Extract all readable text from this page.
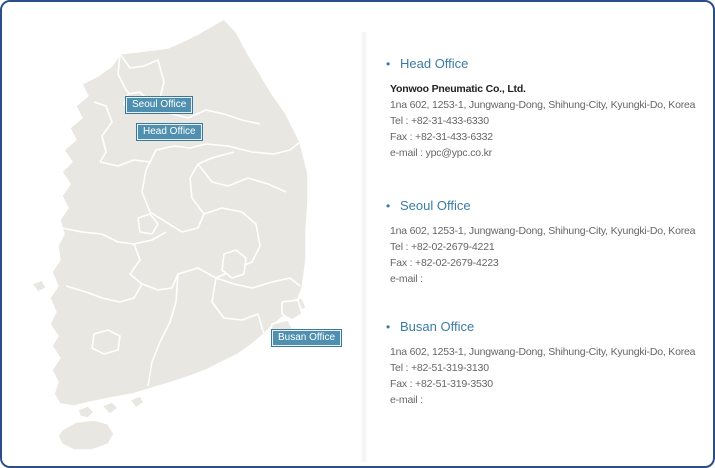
Seoul Office
Head Office
Busan Office
• Head Office
Yonwoo Pneumatic Co., Ltd.
1na 602, 1253-1, Jungwang-Dong, Shihung-City, Kyungki-Do, Korea
Tel : +82-31-433-6330
Fax : +82-31-433-6332
e-mail : ypc@ypc.co.kr
• Seoul Office
1na 602, 1253-1, Jungwang-Dong, Shihung-City, Kyungki-Do, Korea
Tel : +82-02-2679-4221
Fax : +82-02-2679-4223
e-mail :
• Busan Office
1na 602, 1253-1, Jungwang-Dong, Shihung-City, Kyungki-Do, Korea
Tel : +82-51-319-3130
Fax : +82-51-319-3530
e-mail :
